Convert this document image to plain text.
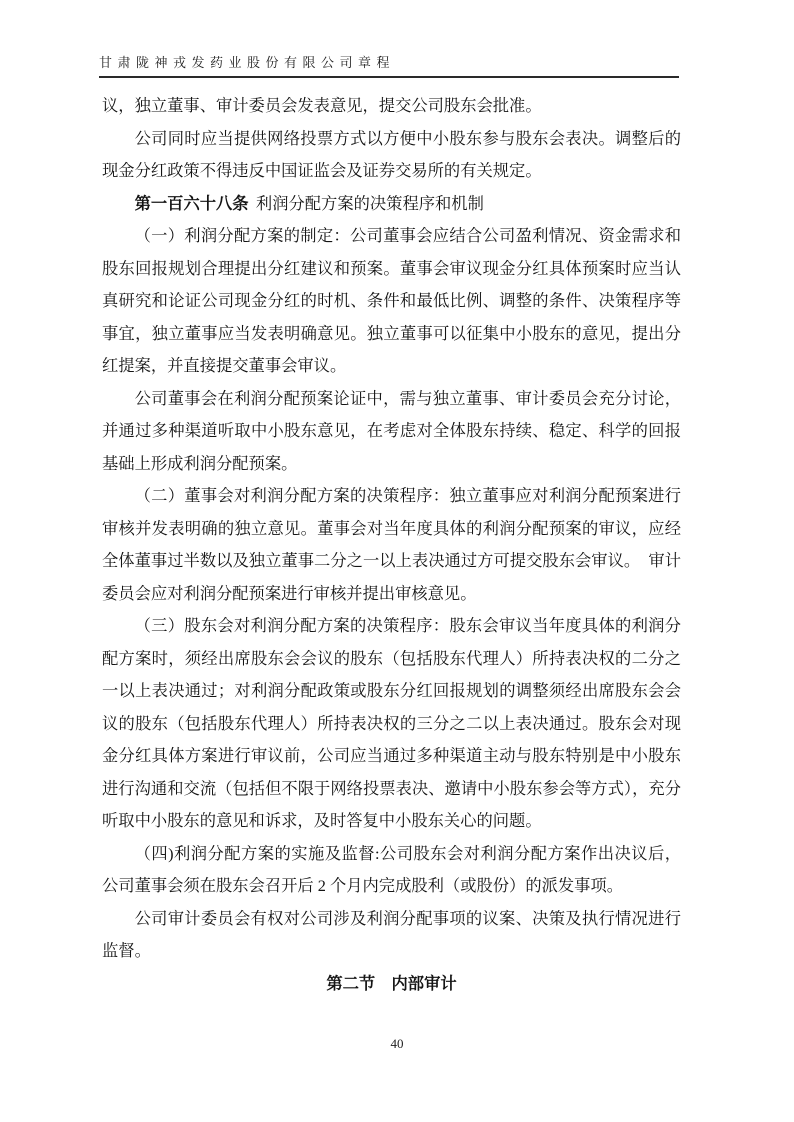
甘肃陇神戎发药业股份有限公司章程

议，独立董事、审计委员会发表意见，提交公司股东会批准。

公司同时应当提供网络投票方式以方便中小股东参与股东会表决。调整后的现金分红政策不得违反中国证监会及证券交易所的有关规定。

第一百六十八条 利润分配方案的决策程序和机制

（一）利润分配方案的制定：公司董事会应结合公司盈利情况、资金需求和股东回报规划合理提出分红建议和预案。董事会审议现金分红具体预案时应当认真研究和论证公司现金分红的时机、条件和最低比例、调整的条件、决策程序等事宜，独立董事应当发表明确意见。独立董事可以征集中小股东的意见，提出分红提案，并直接提交董事会审议。

公司董事会在利润分配预案论证中，需与独立董事、审计委员会充分讨论，并通过多种渠道听取中小股东意见，在考虑对全体股东持续、稳定、科学的回报基础上形成利润分配预案。

（二）董事会对利润分配方案的决策程序：独立董事应对利润分配预案进行审核并发表明确的独立意见。董事会对当年度具体的利润分配预案的审议，应经全体董事过半数以及独立董事二分之一以上表决通过方可提交股东会审议。　审计委员会应对利润分配预案进行审核并提出审核意见。

（三）股东会对利润分配方案的决策程序：股东会审议当年度具体的利润分配方案时，须经出席股东会会议的股东（包括股东代理人）所持表决权的二分之一以上表决通过；对利润分配政策或股东分红回报规划的调整须经出席股东会会议的股东（包括股东代理人）所持表决权的三分之二以上表决通过。股东会对现金分红具体方案进行审议前，公司应当通过多种渠道主动与股东特别是中小股东进行沟通和交流（包括但不限于网络投票表决、邀请中小股东参会等方式），充分听取中小股东的意见和诉求，及时答复中小股东关心的问题。

（四)利润分配方案的实施及监督:公司股东会对利润分配方案作出决议后，公司董事会须在股东会召开后 2 个月内完成股利（或股份）的派发事项。

公司审计委员会有权对公司涉及利润分配事项的议案、决策及执行情况进行监督。

第二节 内部审计

40
